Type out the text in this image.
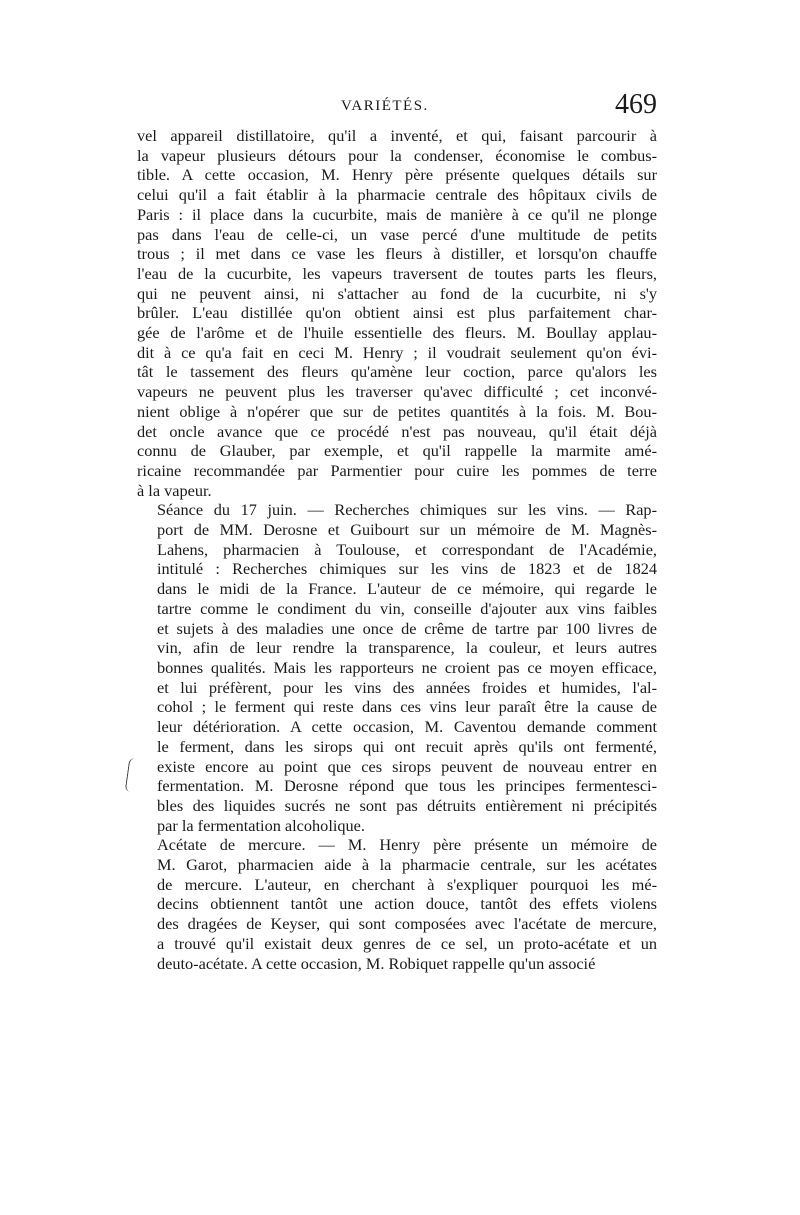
VARIÉTÉS.	469
vel appareil distillatoire, qu'il a inventé, et qui, faisant parcourir à
la vapeur plusieurs détours pour la condenser, économise le combus-
tible. A cette occasion, M. Henry père présente quelques détails sur
celui qu'il a fait établir à la pharmacie centrale des hôpitaux civils de
Paris : il place dans la cucurbite, mais de manière à ce qu'il ne plonge
pas dans l'eau de celle-ci, un vase percé d'une multitude de petits
trous ; il met dans ce vase les fleurs à distiller, et lorsqu'on chauffe
l'eau de la cucurbite, les vapeurs traversent de toutes parts les fleurs,
qui ne peuvent ainsi, ni s'attacher au fond de la cucurbite, ni s'y
brûler. L'eau distillée qu'on obtient ainsi est plus parfaitement char-
gée de l'arôme et de l'huile essentielle des fleurs. M. Boullay applau-
dit à ce qu'a fait en ceci M. Henry ; il voudrait seulement qu'on évi-
tât le tassement des fleurs qu'amène leur coction, parce qu'alors les
vapeurs ne peuvent plus les traverser qu'avec difficulté ; cet inconvé-
nient oblige à n'opérer que sur de petites quantités à la fois. M. Bou-
det oncle avance que ce procédé n'est pas nouveau, qu'il était déjà
connu de Glauber, par exemple, et qu'il rappelle la marmite amé-
ricaine recommandée par Parmentier pour cuire les pommes de terre
à la vapeur.
Séance du 17 juin. — Recherches chimiques sur les vins. — Rap-
port de MM. Derosne et Guibourt sur un mémoire de M. Magnès-
Lahens, pharmacien à Toulouse, et correspondant de l'Académie,
intitulé : Recherches chimiques sur les vins de 1823 et de 1824
dans le midi de la France. L'auteur de ce mémoire, qui regarde le
tartre comme le condiment du vin, conseille d'ajouter aux vins faibles
et sujets à des maladies une once de crême de tartre par 100 livres de
vin, afin de leur rendre la transparence, la couleur, et leurs autres
bonnes qualités. Mais les rapporteurs ne croient pas ce moyen efficace,
et lui préfèrent, pour les vins des années froides et humides, l'al-
cohol ; le ferment qui reste dans ces vins leur paraît être la cause de
leur détérioration. A cette occasion, M. Caventou demande comment
le ferment, dans les sirops qui ont recuit après qu'ils ont fermenté,
existe encore au point que ces sirops peuvent de nouveau entrer en
fermentation. M. Derosne répond que tous les principes fermentesci-
bles des liquides sucrés ne sont pas détruits entièrement ni précipités
par la fermentation alcoholique.
Acétate de mercure. — M. Henry père présente un mémoire de
M. Garot, pharmacien aide à la pharmacie centrale, sur les acétates
de mercure. L'auteur, en cherchant à s'expliquer pourquoi les mé-
decins obtiennent tantôt une action douce, tantôt des effets violens
des dragées de Keyser, qui sont composées avec l'acétate de mercure,
a trouvé qu'il existait deux genres de ce sel, un proto-acétate et un
deuto-acétate. A cette occasion, M. Robiquet rappelle qu'un associé
